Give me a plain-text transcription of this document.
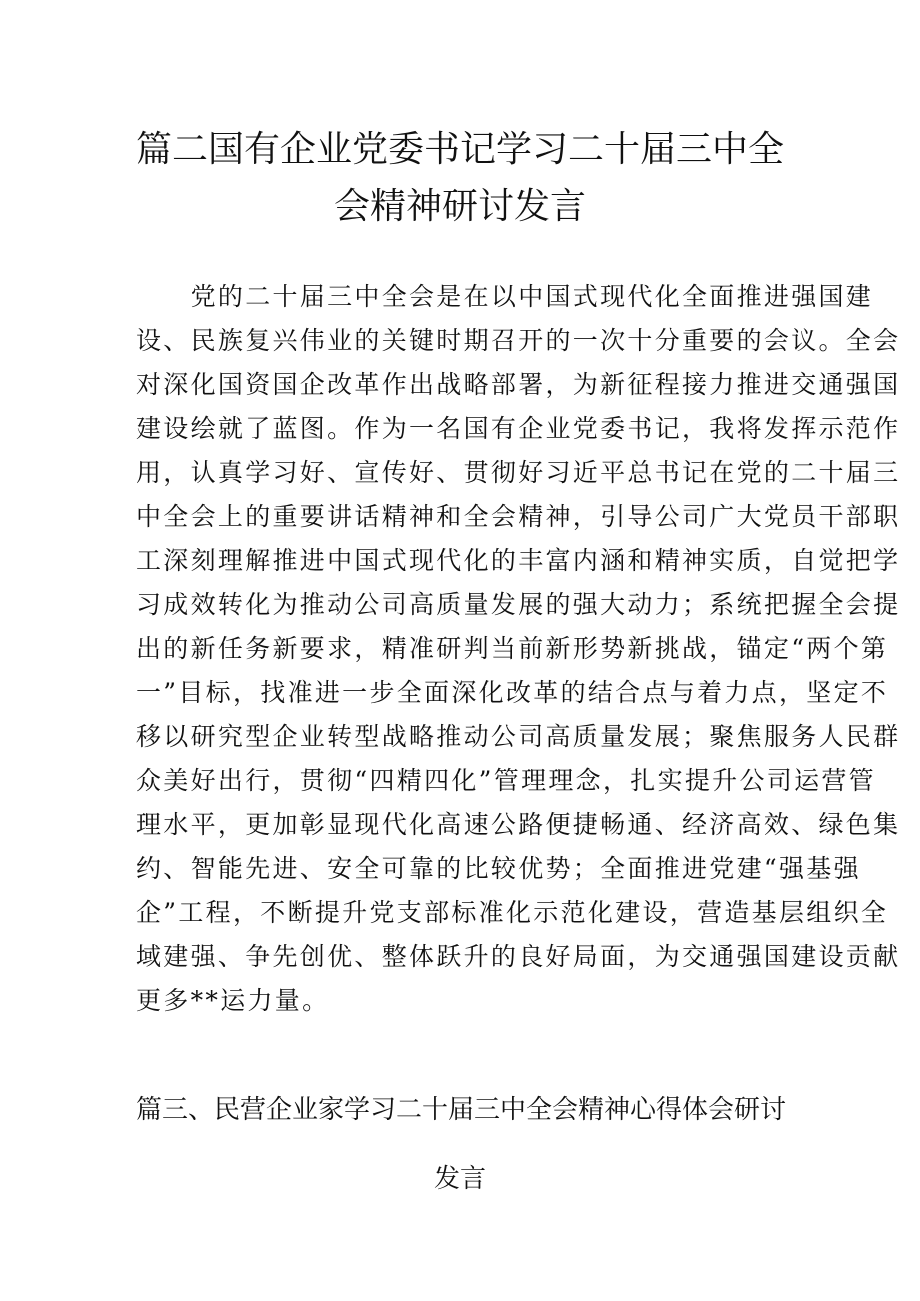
篇二国有企业党委书记学习二十届三中全
会精神研讨发言

　　党的二十届三中全会是在以中国式现代化全面推进强国建

设、民族复兴伟业的关键时期召开的一次十分重要的会议。全会

对深化国资国企改革作出战略部署，为新征程接力推进交通强国

建设绘就了蓝图。作为一名国有企业党委书记，我将发挥示范作

用，认真学习好、宣传好、贯彻好习近平总书记在党的二十届三

中全会上的重要讲话精神和全会精神，引导公司广大党员干部职

工深刻理解推进中国式现代化的丰富内涵和精神实质，自觉把学

习成效转化为推动公司高质量发展的强大动力；系统把握全会提

出的新任务新要求，精准研判当前新形势新挑战，锚定“两个第

一”目标，找准进一步全面深化改革的结合点与着力点，坚定不

移以研究型企业转型战略推动公司高质量发展；聚焦服务人民群

众美好出行，贯彻“四精四化”管理理念，扎实提升公司运营管

理水平，更加彰显现代化高速公路便捷畅通、经济高效、绿色集

约、智能先进、安全可靠的比较优势；全面推进党建“强基强

企”工程，不断提升党支部标准化示范化建设，营造基层组织全

域建强、争先创优、整体跃升的良好局面，为交通强国建设贡献

更多**运力量。

篇三、民营企业家学习二十届三中全会精神心得体会研讨
发言
